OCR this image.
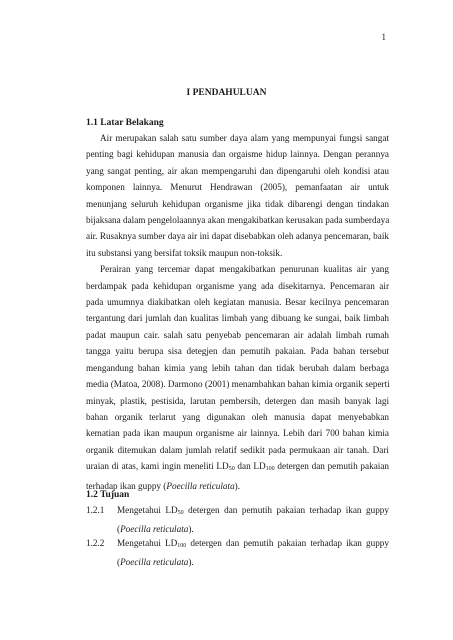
1
I PENDAHULUAN
1.1 Latar Belakang
Air merupakan salah satu sumber daya alam yang mempunyai fungsi sangat
penting bagi kehidupan manusia dan orgaisme hidup lainnya. Dengan perannya
yang sangat penting, air akan mempengaruhi dan dipengaruhi oleh kondisi atau
komponen lainnya. Menurut Hendrawan (2005), pemanfaatan air untuk
menunjang seluruh kehidupan organisme jika tidak dibarengi dengan tindakan
bijaksana dalam pengelolaannya akan mengakibatkan kerusakan pada sumberdaya
air. Rusaknya sumber daya air ini dapat disebabkan oleh adanya pencemaran, baik
itu substansi yang bersifat toksik maupun non-toksik.
Perairan yang tercemar dapat mengakibatkan penurunan kualitas air yang
berdampak pada kehidupan organisme yang ada disekitarnya. Pencemaran air
pada umumnya diakibatkan oleh kegiatan manusia. Besar kecilnya pencemaran
tergantung dari jumlah dan kualitas limbah yang dibuang ke sungai, baik limbah
padat maupun cair. salah satu penyebab pencemaran air adalah limbah rumah
tangga yaitu berupa sisa detegjen dan pemutih pakaian. Pada bahan tersebut
mengandung bahan kimia yang lebih tahan dan tidak berubah dalam berbaga
media (Matoa, 2008). Darmono (2001) menambahkan bahan kimia organik seperti
minyak, plastik, pestisida, larutan pembersih, detergen dan masih banyak lagi
bahan organik terlarut yang digunakan oleh manusia dapat menyebabkan
kematian pada ikan maupun organisme air lainnya. Lebih dari 700 bahan kimia
organik ditemukan dalam jumlah relatif sedikit pada permukaan air tanah. Dari
uraian di atas, kami ingin meneliti $LD_{50}$ dan $LD_{100}$ detergen dan pemutih pakaian
terhadap ikan guppy (Poecilla reticulata).
1.2 Tujuan
1.2.1 Mengetahui $LD_{50}$ detergen dan pemutih pakaian terhadap ikan guppy
(Poecilla reticulata).
1.2.2 Mengetahui $LD_{100}$ detergen dan pemutih pakaian terhadap ikan guppy
(Poecilla reticulata).
